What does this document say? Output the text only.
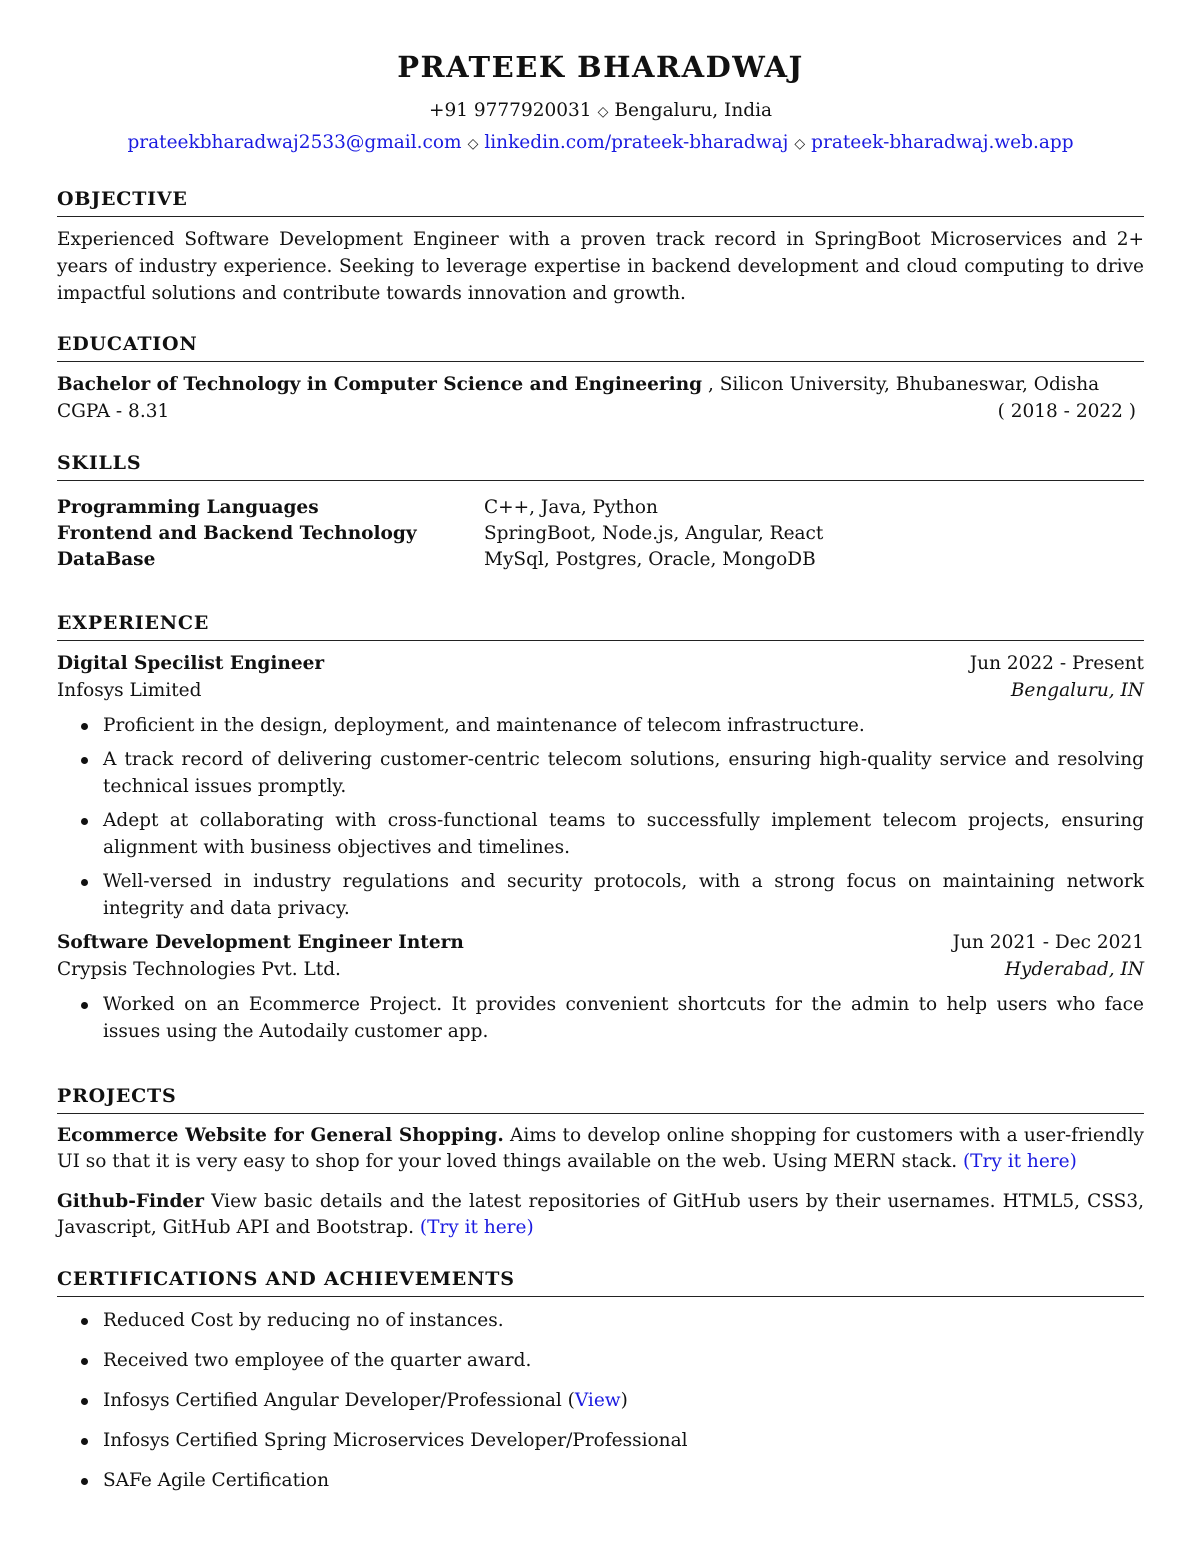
PRATEEK BHARADWAJ
+91 9777920031 ◇ Bengaluru, India
prateekbharadwaj2533@gmail.com ◇ linkedin.com/prateek-bharadwaj ◇ prateek-bharadwaj.web.app
OBJECTIVE
Experienced Software Development Engineer with a proven track record in SpringBoot Microservices and 2+ years of industry experience. Seeking to leverage expertise in backend development and cloud computing to drive impactful solutions and contribute towards innovation and growth.
EDUCATION
Bachelor of Technology in Computer Science and Engineering , Silicon University, Bhubaneswar, Odisha
CGPA - 8.31	( 2018 - 2022 )
SKILLS
Programming Languages	C++, Java, Python
Frontend and Backend Technology	SpringBoot, Node.js, Angular, React
DataBase	MySql, Postgres, Oracle, MongoDB
EXPERIENCE
Digital Specilist Engineer	Jun 2022 - Present
Infosys Limited	Bengaluru, IN
Proficient in the design, deployment, and maintenance of telecom infrastructure.
A track record of delivering customer-centric telecom solutions, ensuring high-quality service and resolving technical issues promptly.
Adept at collaborating with cross-functional teams to successfully implement telecom projects, ensuring alignment with business objectives and timelines.
Well-versed in industry regulations and security protocols, with a strong focus on maintaining network integrity and data privacy.
Software Development Engineer Intern	Jun 2021 - Dec 2021
Crypsis Technologies Pvt. Ltd.	Hyderabad, IN
Worked on an Ecommerce Project. It provides convenient shortcuts for the admin to help users who face issues using the Autodaily customer app.
PROJECTS
Ecommerce Website for General Shopping. Aims to develop online shopping for customers with a user-friendly UI so that it is very easy to shop for your loved things available on the web. Using MERN stack. (Try it here)
Github-Finder View basic details and the latest repositories of GitHub users by their usernames. HTML5, CSS3, Javascript, GitHub API and Bootstrap. (Try it here)
CERTIFICATIONS AND ACHIEVEMENTS
Reduced Cost by reducing no of instances.
Received two employee of the quarter award.
Infosys Certified Angular Developer/Professional (View)
Infosys Certified Spring Microservices Developer/Professional
SAFe Agile Certification
